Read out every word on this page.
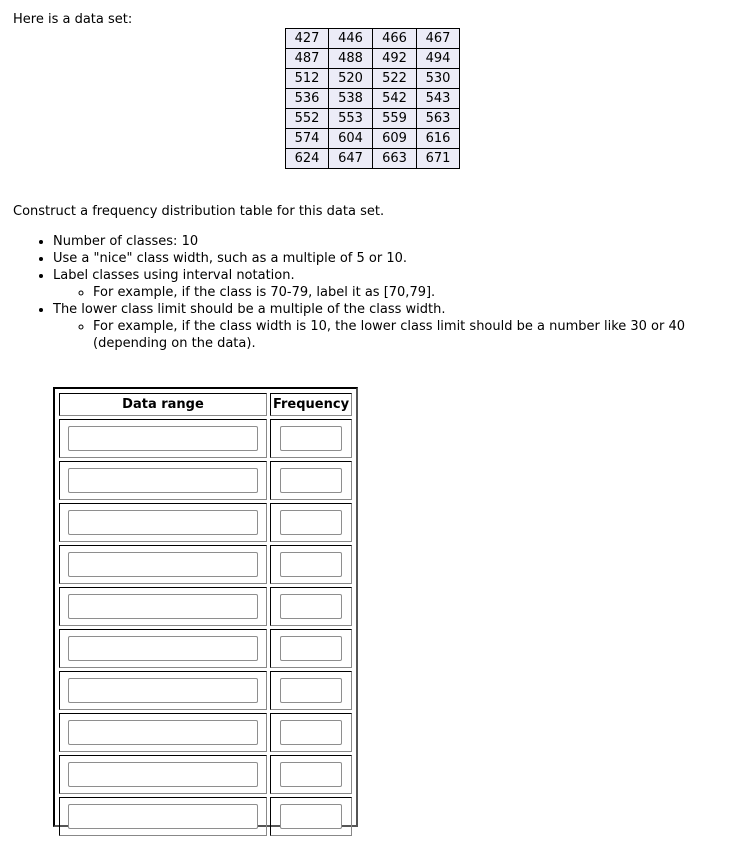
Here is a data set:
427	446	466	467
487	488	492	494
512	520	522	530
536	538	542	543
552	553	559	563
574	604	609	616
624	647	663	671

Construct a frequency distribution table for this data set.

• Number of classes: 10
• Use a "nice" class width, such as a multiple of 5 or 10.
• Label classes using interval notation.
◦ For example, if the class is 70-79, label it as [70,79].
• The lower class limit should be a multiple of the class width.
◦ For example, if the class width is 10, the lower class limit should be a number like 30 or 40 (depending on the data).
Data range	Frequency
